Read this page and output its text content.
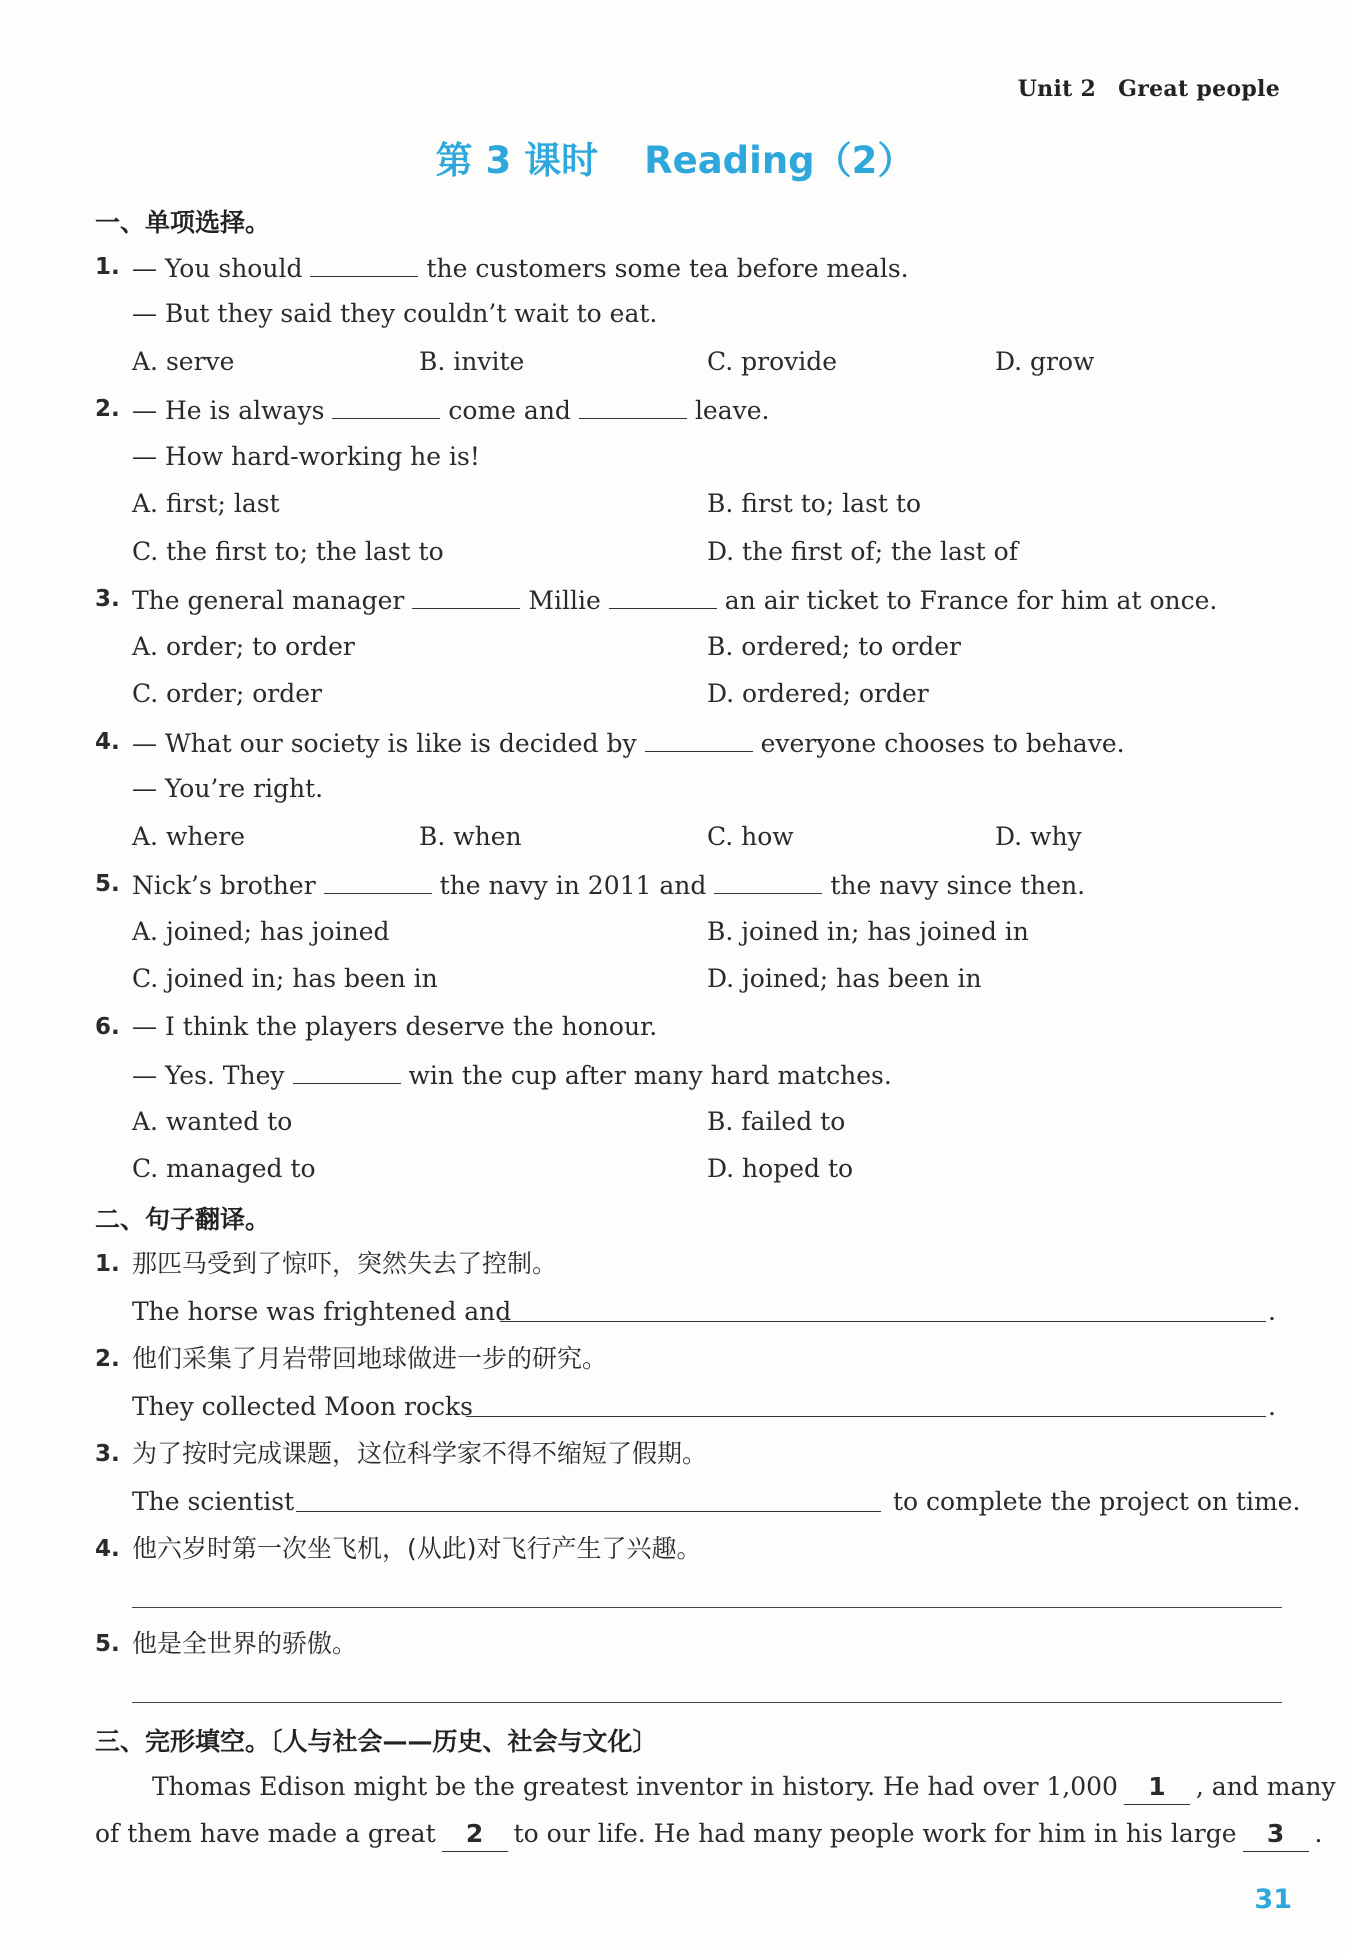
Unit 2 Great people
第 3 课时 Reading（2）
一、单项选择。
1. — You should	the customers some tea before meals.
— But they said they couldn’t wait to eat.
A. serve	B. invite	C. provide	D. grow
2. — He is always	come and	leave.
— How hard-working he is!
A. first; last	B. first to; last to
C. the first to; the last to	D. the first of; the last of
3. The general manager	Millie	an air ticket to France for him at once.
A. order; to order	B. ordered; to order
C. order; order	D. ordered; order
4. — What our society is like is decided by	everyone chooses to behave.
— You’re right.
A. where	B. when	C. how	D. why
5. Nick’s brother	the navy in 2011 and	the navy since then.
A. joined; has joined	B. joined in; has joined in
C. joined in; has been in	D. joined; has been in
6. — I think the players deserve the honour.
— Yes. They	win the cup after many hard matches.
A. wanted to	B. failed to
C. managed to	D. hoped to
二、句子翻译。
1. 那匹马受到了惊吓，突然失去了控制。
The horse was frightened and	.
2. 他们采集了月岩带回地球做进一步的研究。
They collected Moon rocks	.
3. 为了按时完成课题，这位科学家不得不缩短了假期。
The scientist	to complete the project on time.
4. 他六岁时第一次坐飞机，(从此)对飞行产生了兴趣。
5. 他是全世界的骄傲。
三、完形填空。〔人与社会——历史、社会与文化〕
Thomas Edison might be the greatest inventor in history. He had over 1,000 1 , and many
of them have made a great 2 to our life. He had many people work for him in his large 3 .
31
